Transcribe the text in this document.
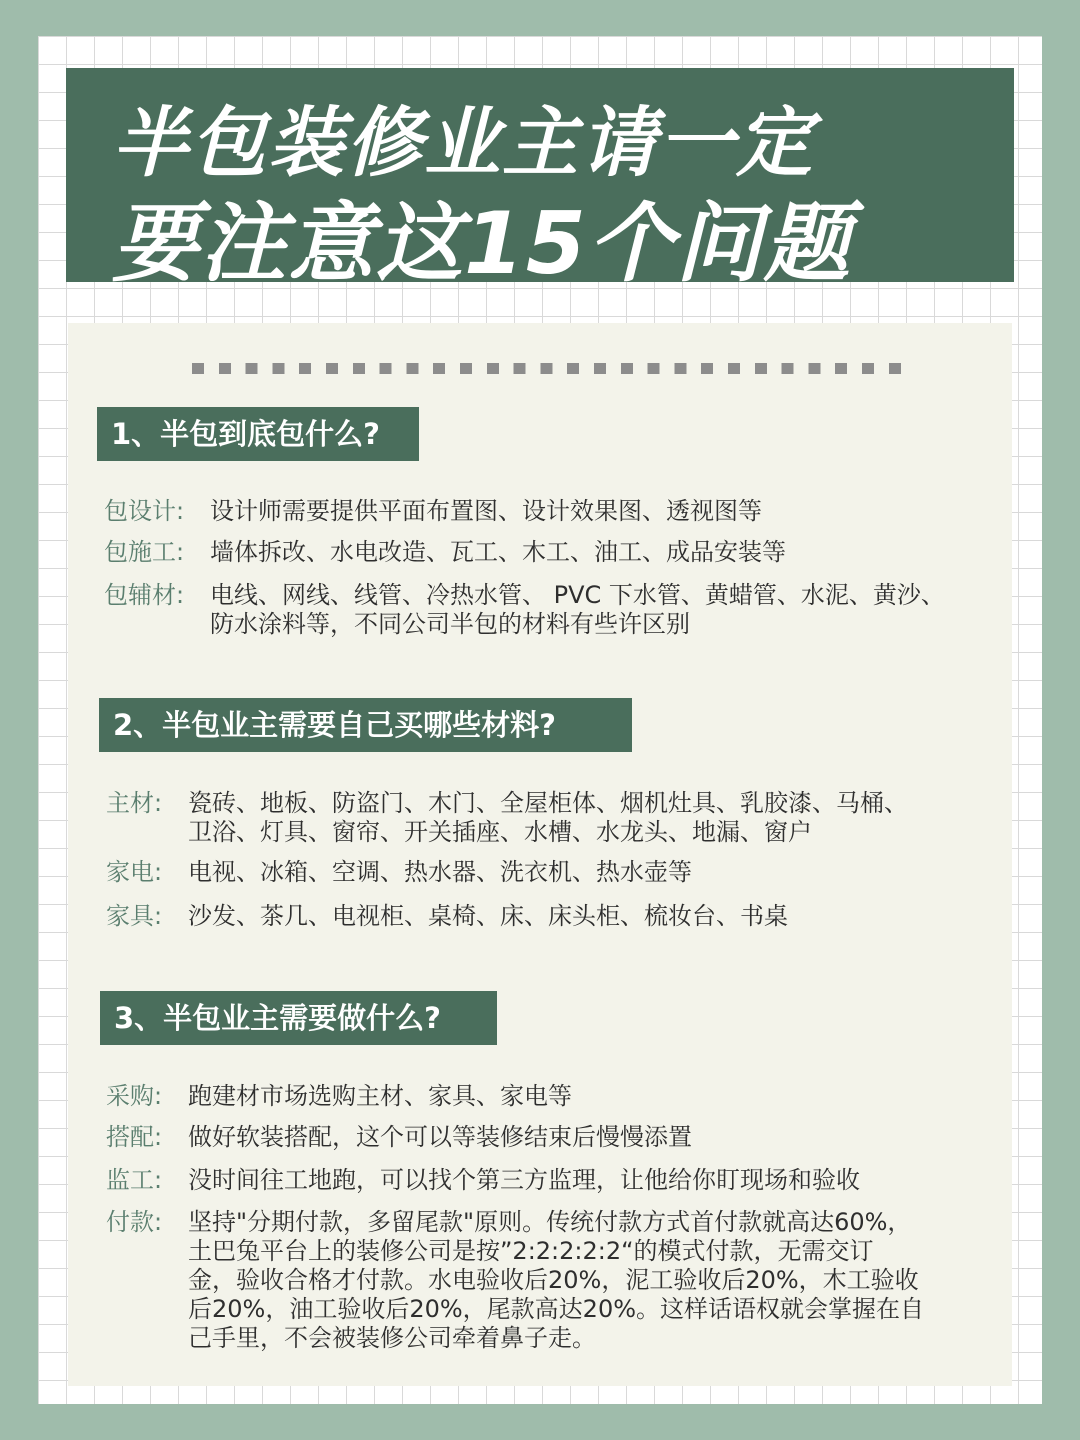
半包装修业主请一定
要注意这15个问题
1、半包到底包什么?
包设计: 设计师需要提供平面布置图、设计效果图、透视图等
包施工: 墙体拆改、水电改造、瓦工、木工、油工、成品安装等
包辅材: 电线、网线、线管、冷热水管、 PVC 下水管、黄蜡管、水泥、黄沙、
防水涂料等，不同公司半包的材料有些许区别
2、半包业主需要自己买哪些材料?
主材: 瓷砖、地板、防盗门、木门、全屋柜体、烟机灶具、乳胶漆、马桶、
卫浴、灯具、窗帘、开关插座、水槽、水龙头、地漏、窗户
家电: 电视、冰箱、空调、热水器、洗衣机、热水壶等
家具: 沙发、茶几、电视柜、桌椅、床、床头柜、梳妆台、书桌
3、半包业主需要做什么?
采购: 跑建材市场选购主材、家具、家电等
搭配: 做好软装搭配，这个可以等装修结束后慢慢添置
监工: 没时间往工地跑，可以找个第三方监理，让他给你盯现场和验收
付款: 坚持"分期付款，多留尾款"原则。传统付款方式首付款就高达60%，
土巴兔平台上的装修公司是按”2:2:2:2:2“的模式付款，无需交订
金，验收合格才付款。水电验收后20%，泥工验收后20%，木工验收
后20%，油工验收后20%，尾款高达20%。这样话语权就会掌握在自
己手里，不会被装修公司牵着鼻子走。
